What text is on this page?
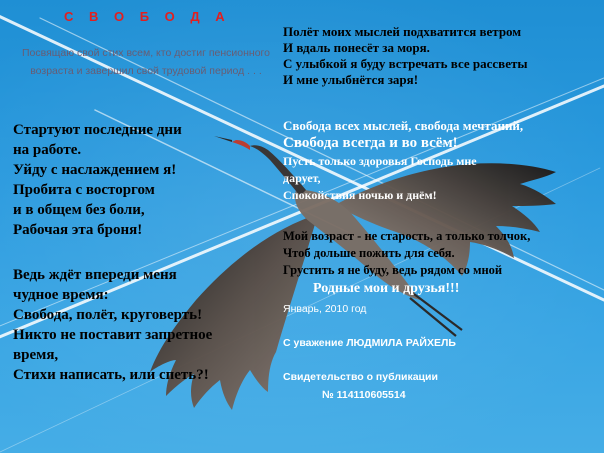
С В О Б О Д А

Посвящаю свой стих всем, кто достиг пенсионного возраста и завершил свой трудовой период . . .

Стартуют последние дни
на работе.
Уйду с наслаждением я!
Пробита с восторгом
и в общем без боли,
Рабочая эта броня!
Ведь ждёт впереди меня
чудное время:
Свобода, полёт, круговерть!
Никто не поставит запретное
время,
Стихи написать, или спеть?!
Полёт моих мыслей подхватится ветром
И вдаль понесёт за моря.
С улыбкой я буду встречать все рассветы
И мне улыбнётся заря!
Свобода всех мыслей, свобода мечтаний,
Свобода всегда и во всём!
Пусть только здоровья Господь мне
дарует,
Спокойствия ночью и днём!
Мой возраст - не старость, а только толчок,
Чтоб дольше пожить для себя.
Грустить я не буду, ведь рядом со мной
Родные мои и друзья!!!

Январь, 2010 год

С уважение ЛЮДМИЛА РАЙХЕЛЬ

Свидетельство о публикации

№ 114110605514
